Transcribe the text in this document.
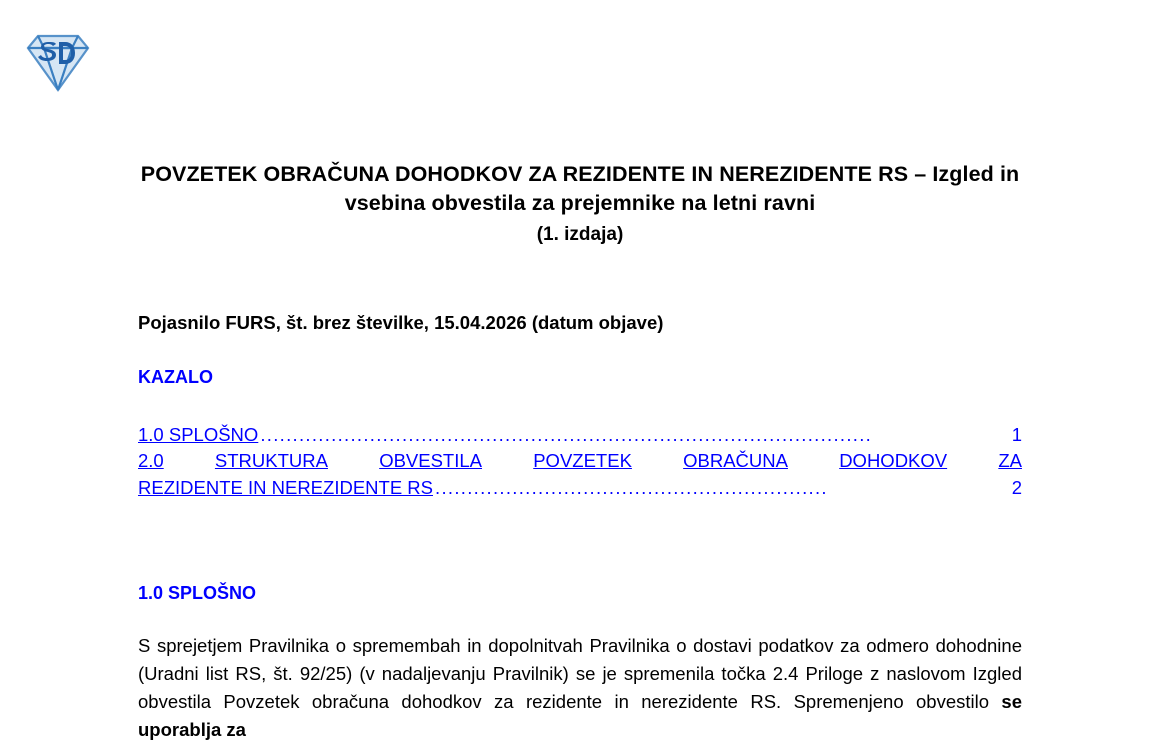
POVZETEK OBRAČUNA DOHODKOV ZA REZIDENTE IN NEREZIDENTE RS – Izgled in vsebina obvestila za prejemnike na letni ravni
(1. izdaja)
Pojasnilo FURS, št. brez številke, 15.04.2026 (datum objave)
KAZALO
1.0 SPLOŠNO ...............................................................................................	1
2.0	STRUKTURA	OBVESTILA	POVZETEK	OBRAČUNA	DOHODKOV	ZA
REZIDENTE IN NEREZIDENTE RS .............................................................	2
1.0 SPLOŠNO
S sprejetjem Pravilnika o spremembah in dopolnitvah Pravilnika o dostavi podatkov za odmero dohodnine (Uradni list RS, št. 92/25) (v nadaljevanju Pravilnik) se je spremenila točka 2.4 Priloge z naslovom Izgled obvestila Povzetek obračuna dohodkov za rezidente in nerezidente RS. Spremenjeno obvestilo se uporablja za
